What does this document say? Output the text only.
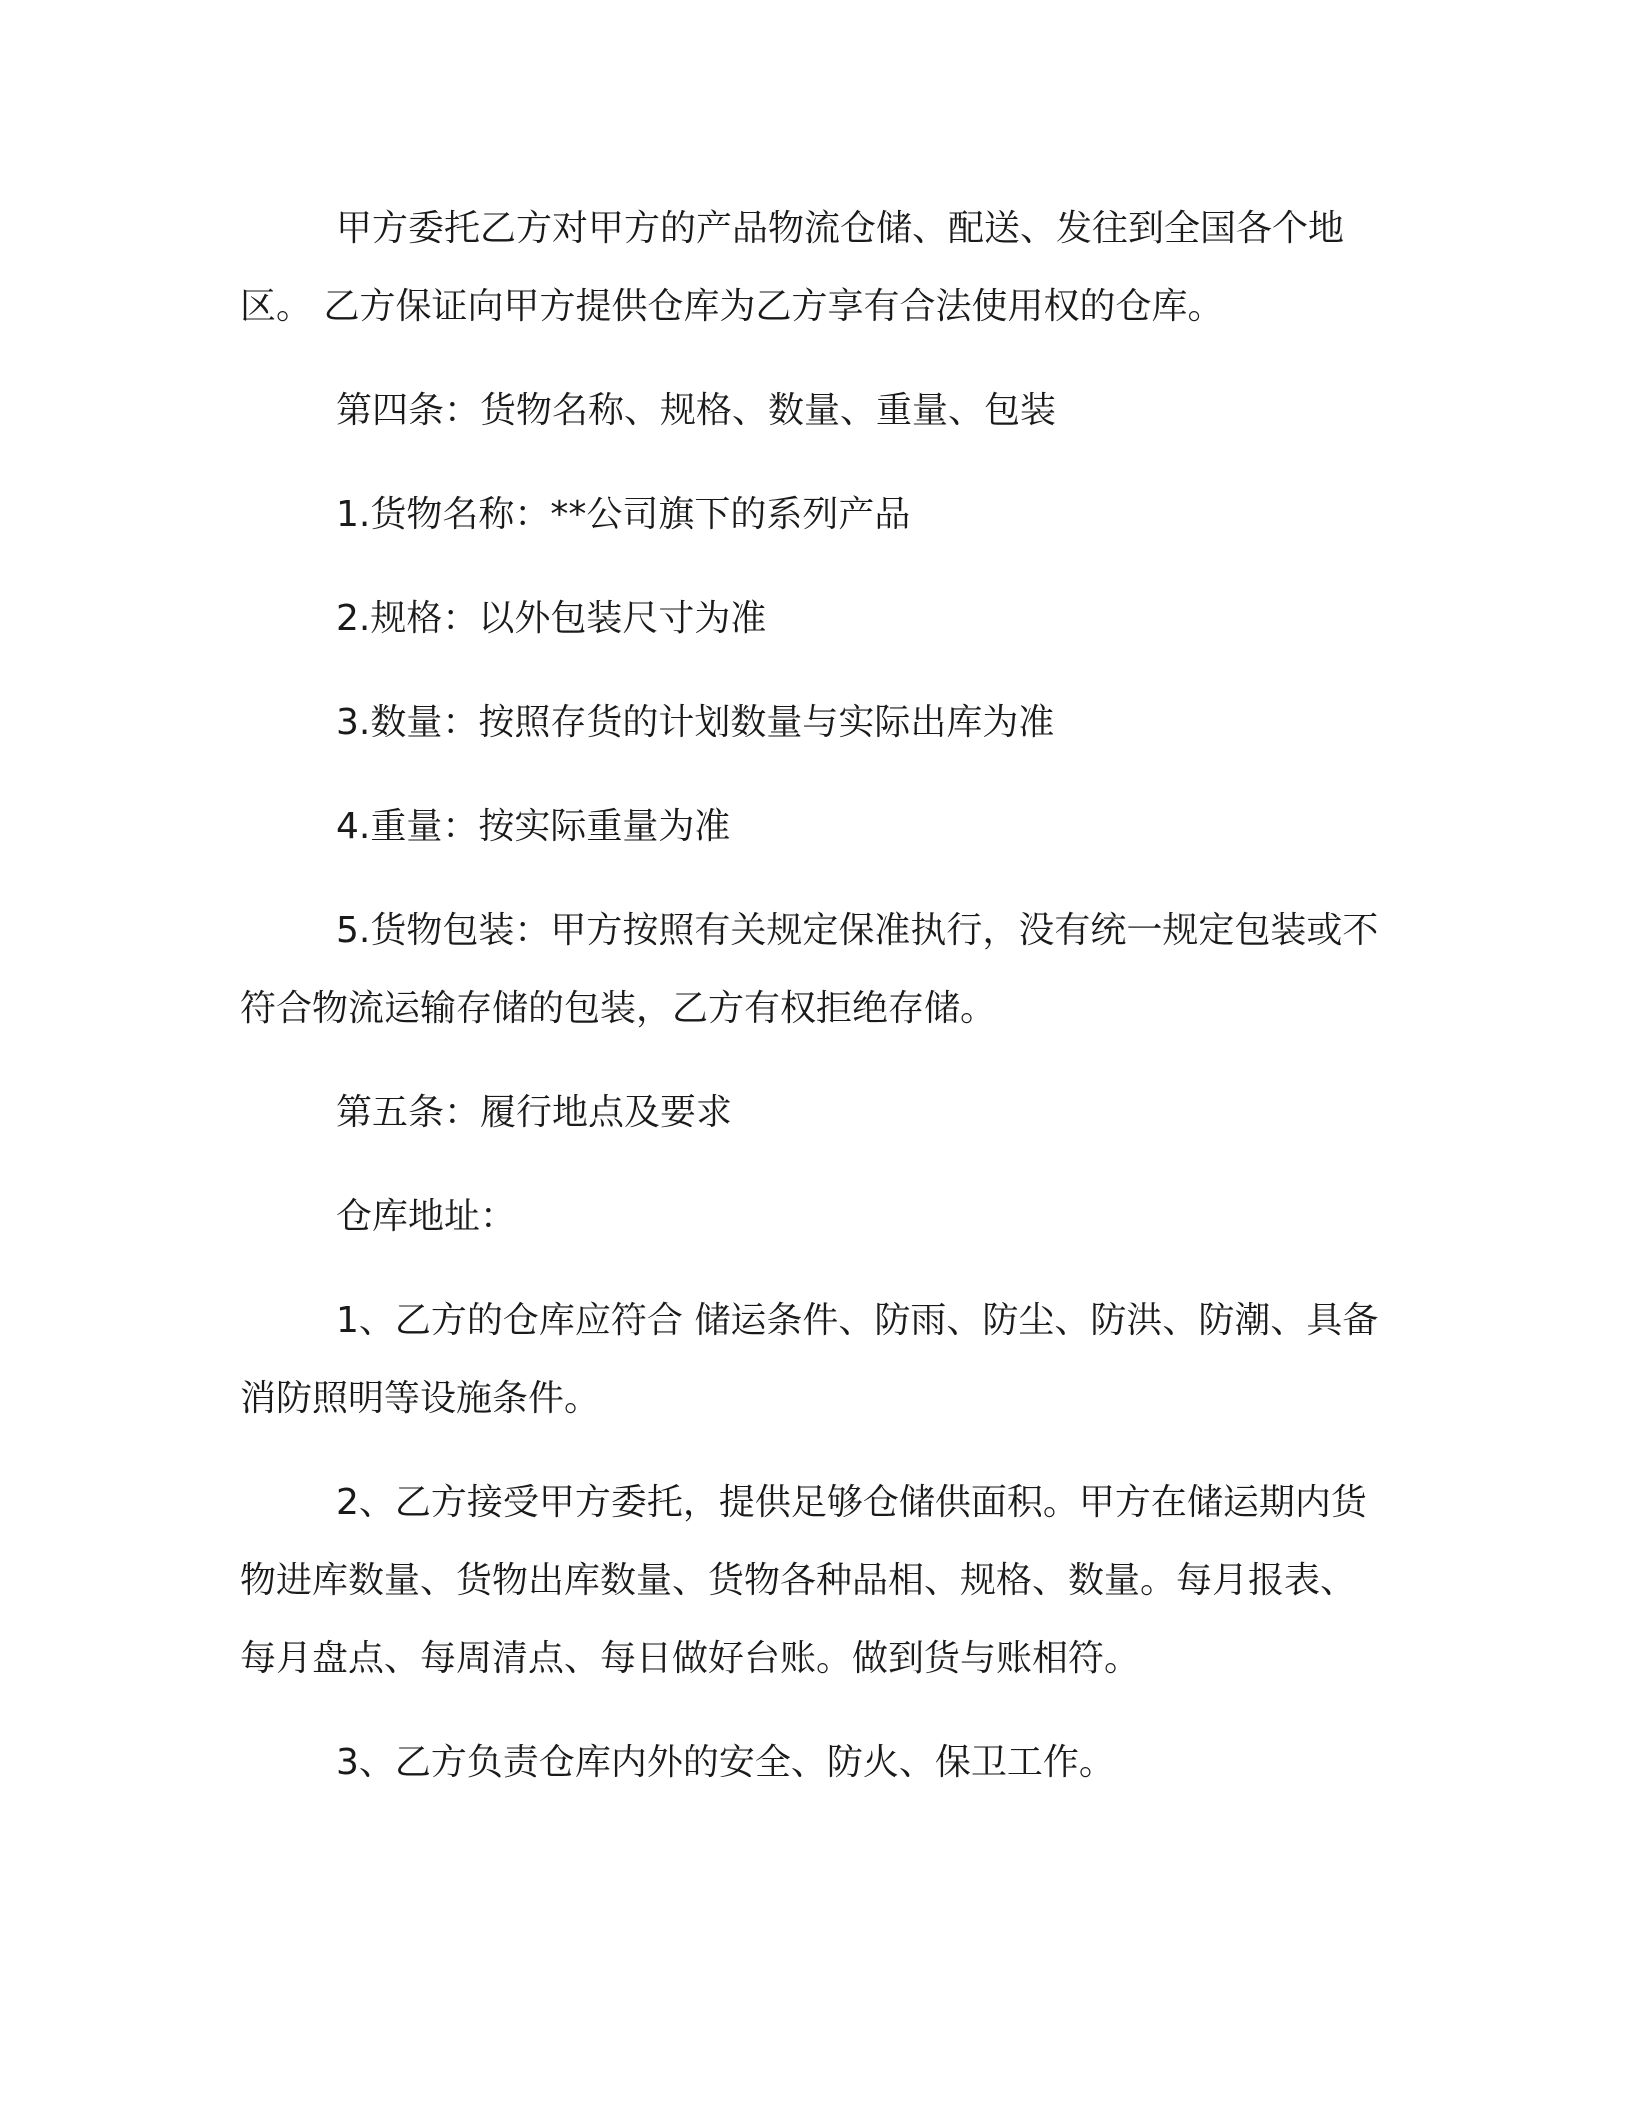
甲方委托乙方对甲方的产品物流仓储、配送、发往到全国各个地区。 乙方保证向甲方提供仓库为乙方享有合法使用权的仓库。

第四条：货物名称、规格、数量、重量、包装

1.货物名称：**公司旗下的系列产品

2.规格：以外包装尺寸为准

3.数量：按照存货的计划数量与实际出库为准

4.重量：按实际重量为准

5.货物包装：甲方按照有关规定保准执行，没有统一规定包装或不符合物流运输存储的包装，乙方有权拒绝存储。

第五条：履行地点及要求

仓库地址：

1、乙方的仓库应符合 储运条件、防雨、防尘、防洪、防潮、具备消防照明等设施条件。

2、乙方接受甲方委托，提供足够仓储供面积。甲方在储运期内货物进库数量、货物出库数量、货物各种品相、规格、数量。每月报表、每月盘点、每周清点、每日做好台账。做到货与账相符。

3、乙方负责仓库内外的安全、防火、保卫工作。
